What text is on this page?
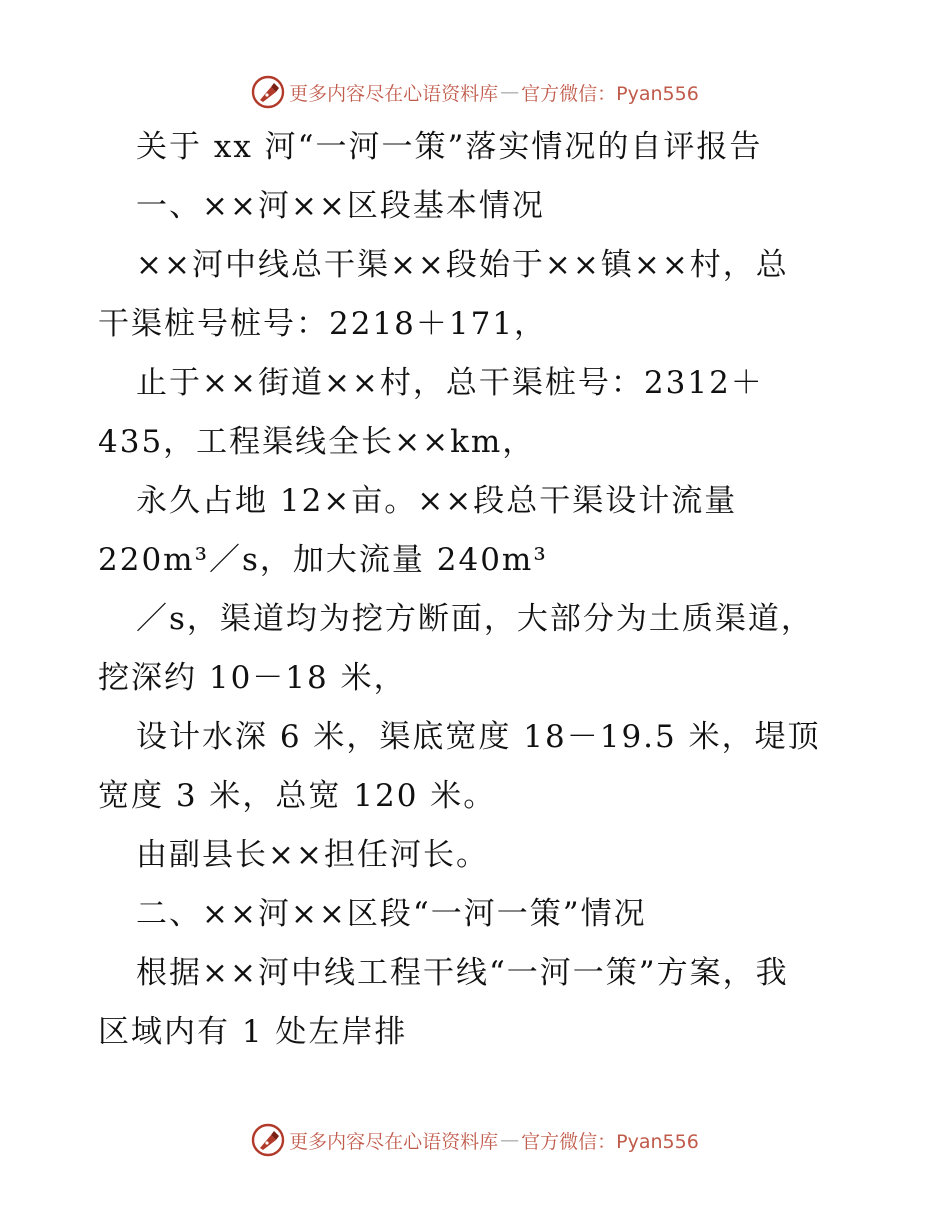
更多内容尽在心语资料库 — 官方微信：Pyan556
关于 xx 河“一河一策”落实情况的自评报告
一、××河××区段基本情况
××河中线总干渠××段始于××镇××村，总
干渠桩号桩号：2218＋171，
止于××街道××村，总干渠桩号：2312＋
435，工程渠线全长××km，
永久占地 12×亩。××段总干渠设计流量
220m³／s，加大流量 240m³
／s，渠道均为挖方断面，大部分为土质渠道，
挖深约 10－18 米，
设计水深 6 米，渠底宽度 18－19.5 米，堤顶
宽度 3 米，总宽 120 米。
由副县长××担任河长。
二、××河××区段“一河一策”情况
根据××河中线工程干线“一河一策”方案，我
区域内有 1 处左岸排
更多内容尽在心语资料库 — 官方微信：Pyan556
